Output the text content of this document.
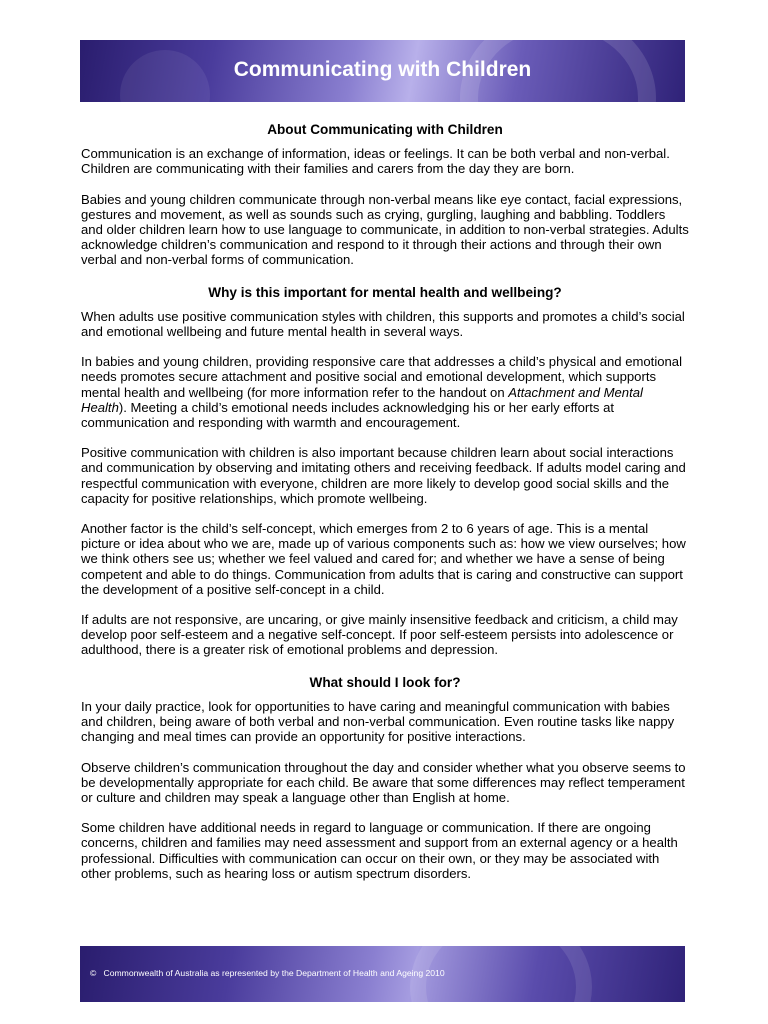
Communicating with Children
About Communicating with Children

Communication is an exchange of information, ideas or feelings. It can be both verbal and non-verbal. Children are communicating with their families and carers from the day they are born.

Babies and young children communicate through non-verbal means like eye contact, facial expressions, gestures and movement, as well as sounds such as crying, gurgling, laughing and babbling. Toddlers and older children learn how to use language to communicate, in addition to non-verbal strategies. Adults acknowledge children’s communication and respond to it through their actions and through their own verbal and non-verbal forms of communication.

Why is this important for mental health and wellbeing?

When adults use positive communication styles with children, this supports and promotes a child’s social and emotional wellbeing and future mental health in several ways.

In babies and young children, providing responsive care that addresses a child’s physical and emotional needs promotes secure attachment and positive social and emotional development, which supports mental health and wellbeing (for more information refer to the handout on Attachment and Mental Health). Meeting a child’s emotional needs includes acknowledging his or her early efforts at communication and responding with warmth and encouragement.

Positive communication with children is also important because children learn about social interactions and communication by observing and imitating others and receiving feedback. If adults model caring and respectful communication with everyone, children are more likely to develop good social skills and the capacity for positive relationships, which promote wellbeing.

Another factor is the child’s self-concept, which emerges from 2 to 6 years of age. This is a mental picture or idea about who we are, made up of various components such as: how we view ourselves; how we think others see us; whether we feel valued and cared for; and whether we have a sense of being competent and able to do things. Communication from adults that is caring and constructive can support the development of a positive self-concept in a child.

If adults are not responsive, are uncaring, or give mainly insensitive feedback and criticism, a child may develop poor self-esteem and a negative self-concept. If poor self-esteem persists into adolescence or adulthood, there is a greater risk of emotional problems and depression.

What should I look for?

In your daily practice, look for opportunities to have caring and meaningful communication with babies and children, being aware of both verbal and non-verbal communication. Even routine tasks like nappy changing and meal times can provide an opportunity for positive interactions.

Observe children’s communication throughout the day and consider whether what you observe seems to be developmentally appropriate for each child. Be aware that some differences may reflect temperament or culture and children may speak a language other than English at home.

Some children have additional needs in regard to language or communication. If there are ongoing concerns, children and families may need assessment and support from an external agency or a health professional. Difficulties with communication can occur on their own, or they may be associated with other problems, such as hearing loss or autism spectrum disorders.

© Commonwealth of Australia as represented by the Department of Health and Ageing 2010
